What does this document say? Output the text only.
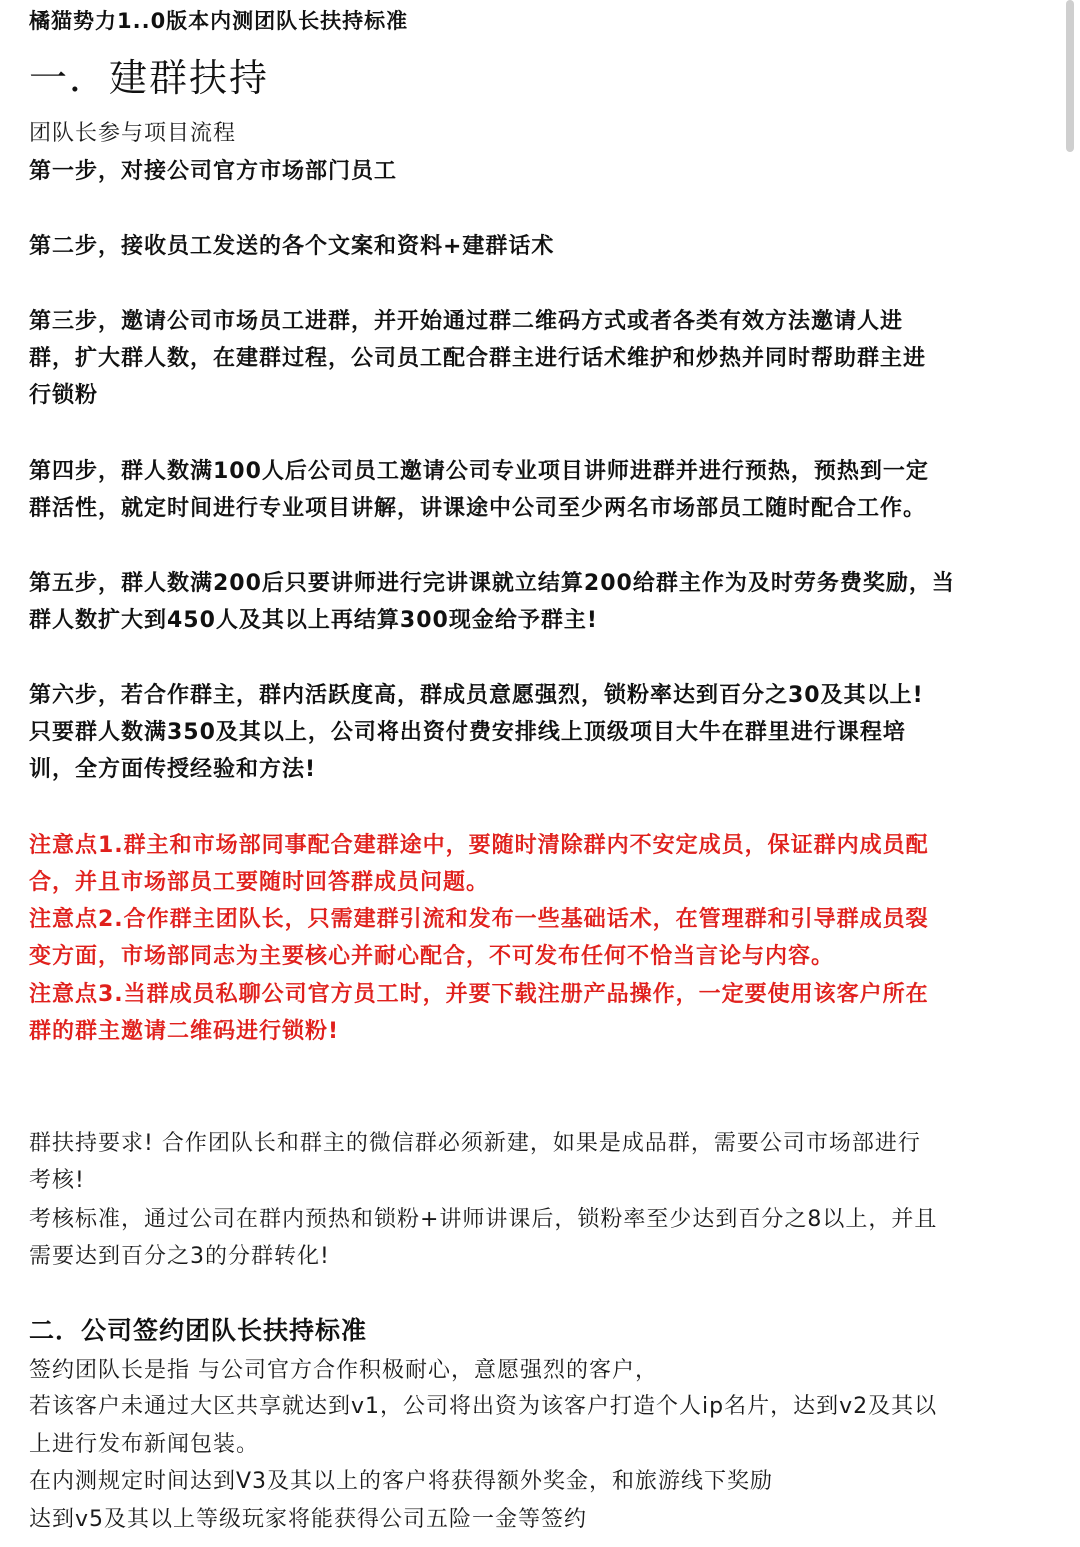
橘猫势力1..0版本内测团队长扶持标准
一．建群扶持
团队长参与项目流程
第一步，对接公司官方市场部门员工
第二步，接收员工发送的各个文案和资料+建群话术
第三步，邀请公司市场员工进群，并开始通过群二维码方式或者各类有效方法邀请人进
群，扩大群人数，在建群过程，公司员工配合群主进行话术维护和炒热并同时帮助群主进
行锁粉
第四步，群人数满100人后公司员工邀请公司专业项目讲师进群并进行预热，预热到一定
群活性，就定时间进行专业项目讲解，讲课途中公司至少两名市场部员工随时配合工作。
第五步，群人数满200后只要讲师进行完讲课就立结算200给群主作为及时劳务费奖励，当
群人数扩大到450人及其以上再结算300现金给予群主!
第六步，若合作群主，群内活跃度高，群成员意愿强烈，锁粉率达到百分之30及其以上!
只要群人数满350及其以上，公司将出资付费安排线上顶级项目大牛在群里进行课程培
训，全方面传授经验和方法!
注意点1.群主和市场部同事配合建群途中，要随时清除群内不安定成员，保证群内成员配
合，并且市场部员工要随时回答群成员问题。
注意点2.合作群主团队长，只需建群引流和发布一些基础话术，在管理群和引导群成员裂
变方面，市场部同志为主要核心并耐心配合，不可发布任何不恰当言论与内容。
注意点3.当群成员私聊公司官方员工时，并要下载注册产品操作，一定要使用该客户所在
群的群主邀请二维码进行锁粉!
群扶持要求! 合作团队长和群主的微信群必须新建，如果是成品群，需要公司市场部进行
考核!
考核标准，通过公司在群内预热和锁粉+讲师讲课后，锁粉率至少达到百分之8以上，并且
需要达到百分之3的分群转化!
二．公司签约团队长扶持标准
签约团队长是指 与公司官方合作积极耐心，意愿强烈的客户，
若该客户未通过大区共享就达到v1，公司将出资为该客户打造个人ip名片，达到v2及其以
上进行发布新闻包装。
在内测规定时间达到V3及其以上的客户将获得额外奖金，和旅游线下奖励
达到v5及其以上等级玩家将能获得公司五险一金等签约
